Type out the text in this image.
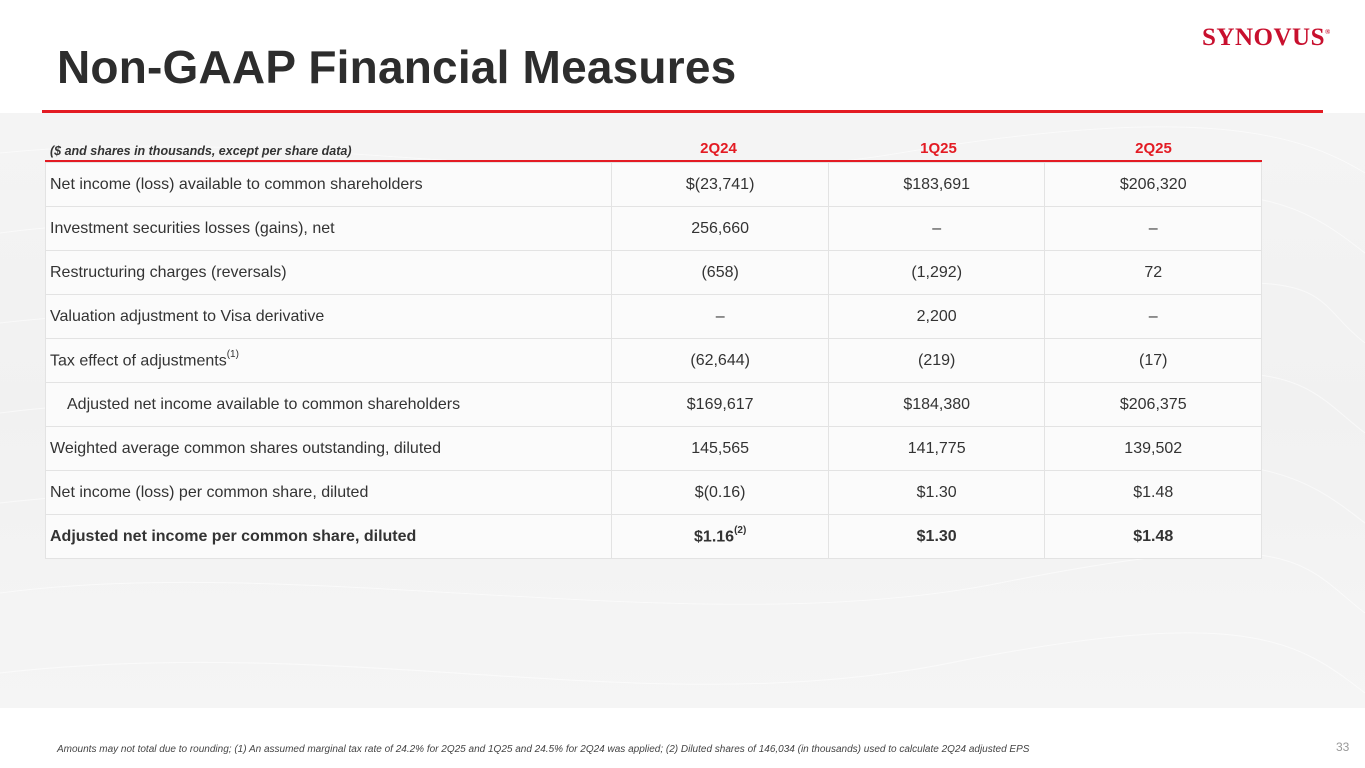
Non-GAAP Financial Measures
SYNOVUS®
($ and shares in thousands, except per share data)	2Q24	1Q25	2Q25
Net income (loss) available to common shareholders	$(23,741)	$183,691	$206,320
Investment securities losses (gains), net	256,660	–	–
Restructuring charges (reversals)	(658)	(1,292)	72
Valuation adjustment to Visa derivative	–	2,200	–
Tax effect of adjustments$^{(1)}$	(62,644)	(219)	(17)
Adjusted net income available to common shareholders	$169,617	$184,380	$206,375
Weighted average common shares outstanding, diluted	145,565	141,775	139,502
Net income (loss) per common share, diluted	$(0.16)	$1.30	$1.48
Adjusted net income per common share, diluted	$1.16$^{(2)}$	$1.30	$1.48
Amounts may not total due to rounding; (1) An assumed marginal tax rate of 24.2% for 2Q25 and 1Q25 and 24.5% for 2Q24 was applied; (2) Diluted shares of 146,034 (in thousands) used to calculate 2Q24 adjusted EPS	33
